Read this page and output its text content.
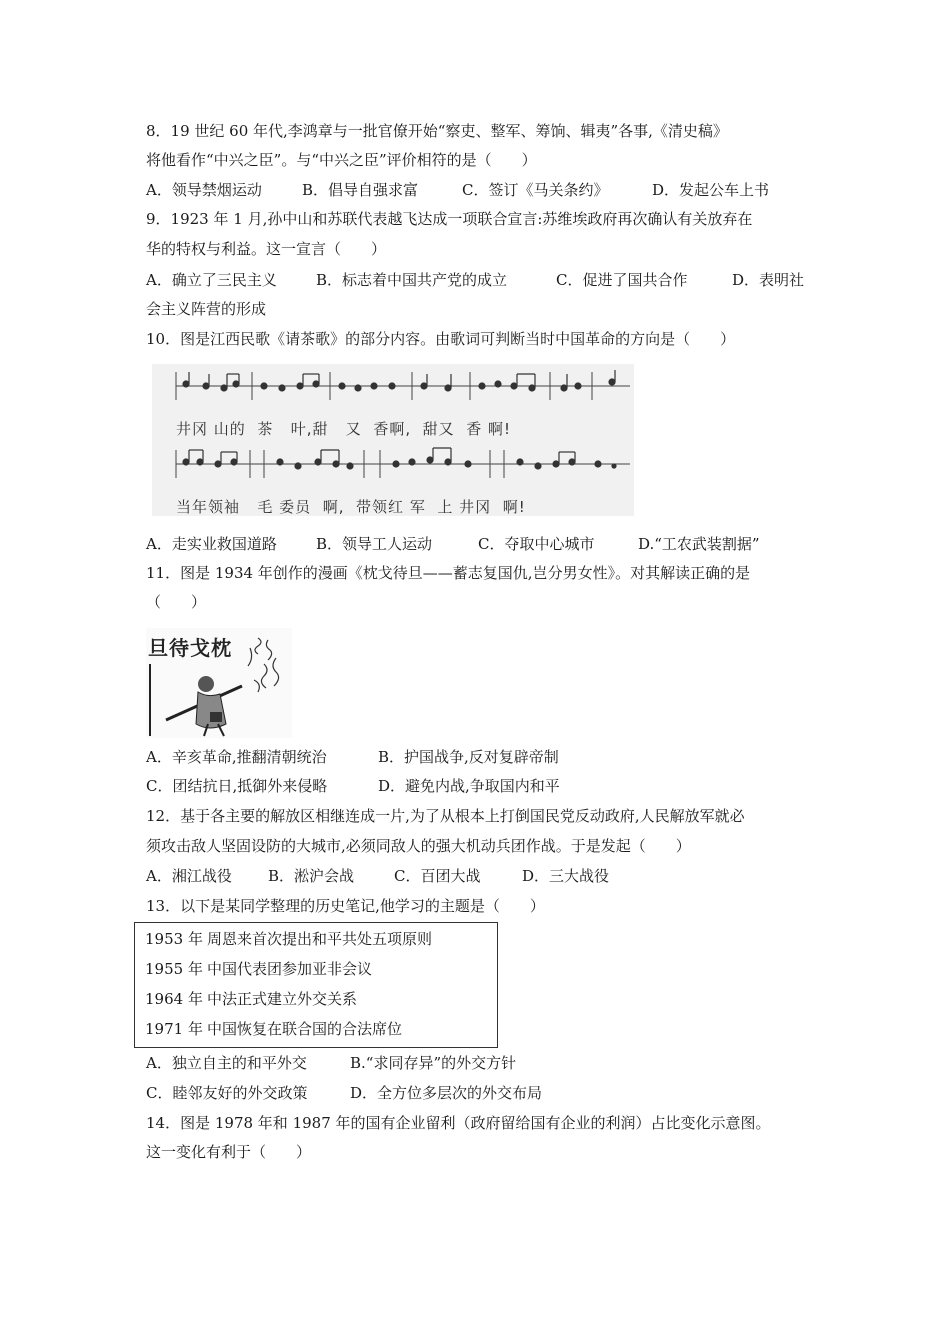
8．19 世纪 60 年代,李鸿章与一批官僚开始“察吏、整军、筹饷、辑夷”各事,《清史稿》
将他看作“中兴之臣”。与“中兴之臣”评价相符的是（　　）
A．领导禁烟运动	B．倡导自强求富	C．签订《马关条约》	D．发起公车上书
9．1923 年 1 月,孙中山和苏联代表越飞达成一项联合宣言:苏维埃政府再次确认有关放弃在
华的特权与利益。这一宣言（　　）
A．确立了三民主义	B．标志着中国共产党的成立	C．促进了国共合作	D．表明社
会主义阵营的形成
10．图是江西民歌《请茶歌》的部分内容。由歌词可判断当时中国革命的方向是（　　）
井冈 山的 茶 叶,甜 又 香啊, 甜又 香 啊!
当年领袖 毛 委员 啊, 带领红 军 上 井冈 啊!
A．走实业救国道路	B．领导工人运动	C．夺取中心城市	D.“工农武装割据”
11．图是 1934 年创作的漫画《枕戈待旦——蓄志复国仇,岂分男女性》。对其解读正确的是
（　　）
旦待戈枕
A．辛亥革命,推翻清朝统治	B．护国战争,反对复辟帝制
C．团结抗日,抵御外来侵略	D．避免内战,争取国内和平
12．基于各主要的解放区相继连成一片,为了从根本上打倒国民党反动政府,人民解放军就必
须攻击敌人坚固设防的大城市,必须同敌人的强大机动兵团作战。于是发起（　　）
A．湘江战役 B．淞沪会战	C．百团大战	D．三大战役
13．以下是某同学整理的历史笔记,他学习的主题是（　　）
1953 年 周恩来首次提出和平共处五项原则
1955 年 中国代表团参加亚非会议
1964 年 中法正式建立外交关系
1971 年 中国恢复在联合国的合法席位
A．独立自主的和平外交	B.“求同存异”的外交方针
C．睦邻友好的外交政策	D．全方位多层次的外交布局
14．图是 1978 年和 1987 年的国有企业留利（政府留给国有企业的利润）占比变化示意图。
这一变化有利于（　　）
